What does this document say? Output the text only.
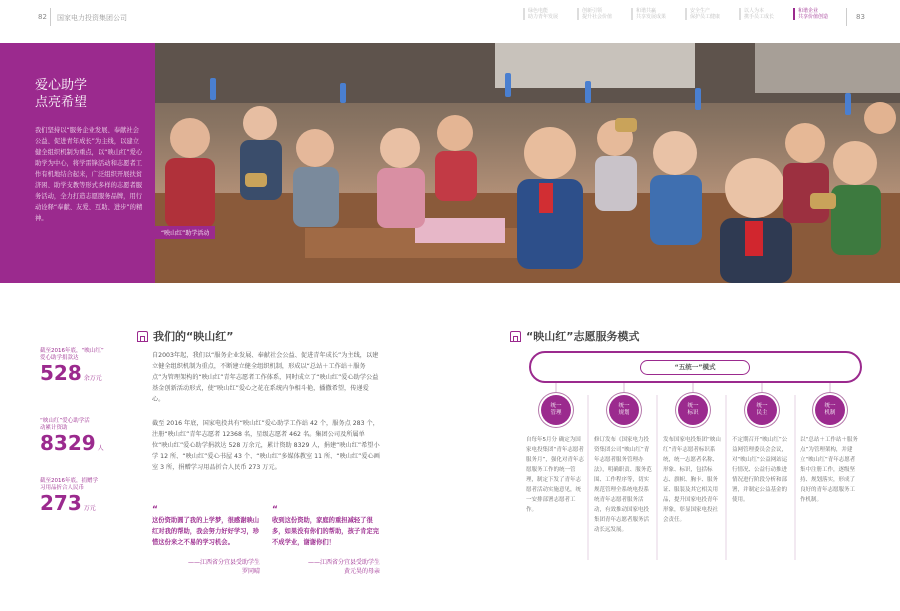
82 国家电力投资集团公司
绿色电能
助力青年发展
创新引领
提升社会价值
和谐共赢
共享发展成果
安全生产
保护员工健康
以人为本
携手员工成长
和谐企业
共享价值创造	83
爱心助学
点亮希望
我们坚持以“服务企业发展、奉献社会公益、促进青年成长”为主线，以建立健全组织机制为重点，以“映山红”爱心助学为中心，将学雷锋活动和志愿者工作有机地结合起来，广泛组织开展扶贫济困、助学支教等形式多样的志愿者服务活动，全力打造志愿服务品牌，用行动诠释“奉献、友爱、互助、进步”的精神。
“映山红”助学活动
我们的“映山红”
截至2016年底，“映山红”
爱心助学捐款达
528 余万元
“映山红”爱心助学活
动累计资助
8329 人
截至2016年底，捐赠学
习用品折合人民币
273 万元
自2003年起，我们以“服务企业发展、奉献社会公益、促进青年成长”为主线，以建立健全组织机制为重点，不断建立健全组织机制，形成以“总站＋工作站＋服务点”为管理架构的“映山红”青年志愿者工作体系，同时成立了“映山红”爱心助学公益基金创新活动形式，使“映山红”爱心之花在系统内争相斗艳，播撒希望，传递爱心。
截至 2016 年底，国家电投共有“映山红”爱心助学工作站 42 个，服务点 283 个，注册“映山红”青年志愿者 12368 名，星级志愿者 462 名。集团公司及所属单位“映山红”爱心助学捐款达 528 万余元，累计资助 8329 人，捐建“映山红”希望小学 12 所、“映山红”爱心书屋 43 个、“映山红”多媒体教室 11 所、“映山红”爱心画室 3 所，捐赠学习用品折合人民币 273 万元。
“
这份资助圆了我的上学梦，很感谢映山红对我的帮助，我会努力好好学习，珍惜这份来之不易的学习机会。
——江西省分宜县受助学生
罗同晴
“
收到这份资助，家庭的重担减轻了很多，如果没有你们的帮助，孩子肯定完不成学业，谢谢你们！
——江西省分宜县受助学生
黄元昊的母亲
“映山红”志愿服务模式
“五统一”模式
统一
管理
自每年5月分 确定为国家电投集团“青年志愿者服务月”，强化对青年志愿服务工作的统一管理，制定下发了青年志愿者活动实施意见，统一安排部署志愿者工作。
统一
规划
修订发布《国家电力投资集团公司“映山红”青年志愿者服务管理办法》，明确职责、服务范围、工作程序等，切实规范管理全系统电投系统青年志愿者服务活动，有效推动国家电投集团青年志愿者服务活动长远发展。
统一
标识
发布国家电投集团“映山红”青年志愿者标识系统，统一志愿者名称、形象、标识，包括标志、旗帜、胸卡、服务证、服装及其它相关用品，提升国家电投青年形象，彰显国家电投社会责任。
统一
民主
不定期召开“映山红”公益网管理委员会会议，对“映山红”公益网站运行情况、公益行动推进情况进行阶段分析和部署，并制定公益基金的使用。
统一
机制
以“总站＋工作站＋服务点”为管理架构，并建立“映山红”青年志愿者集中注册工作，逐级坚持、规划落实，形成了良好的青年志愿服务工作机制。
